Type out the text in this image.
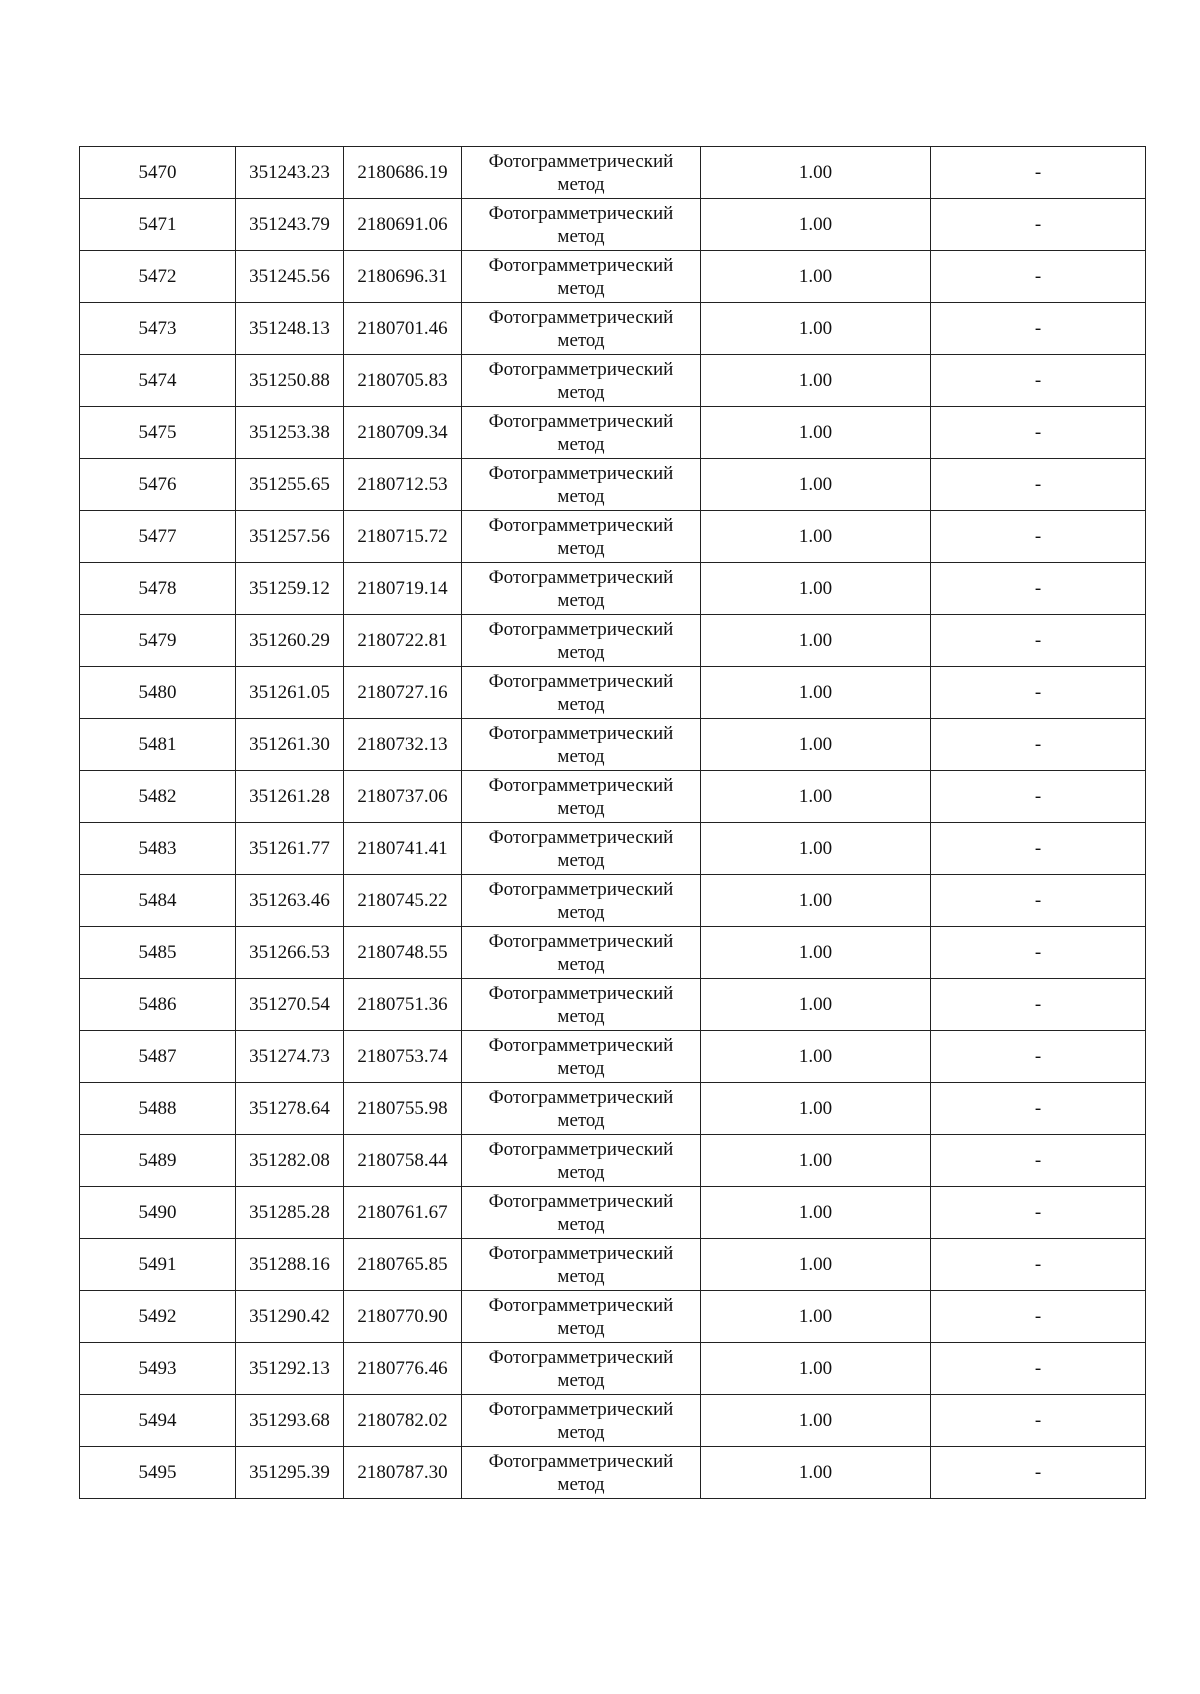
5470	351243.23	2180686.19	Фотограмметрический
метод	1.00	-
5471	351243.79	2180691.06	Фотограмметрический
метод	1.00	-
5472	351245.56	2180696.31	Фотограмметрический
метод	1.00	-
5473	351248.13	2180701.46	Фотограмметрический
метод	1.00	-
5474	351250.88	2180705.83	Фотограмметрический
метод	1.00	-
5475	351253.38	2180709.34	Фотограмметрический
метод	1.00	-
5476	351255.65	2180712.53	Фотограмметрический
метод	1.00	-
5477	351257.56	2180715.72	Фотограмметрический
метод	1.00	-
5478	351259.12	2180719.14	Фотограмметрический
метод	1.00	-
5479	351260.29	2180722.81	Фотограмметрический
метод	1.00	-
5480	351261.05	2180727.16	Фотограмметрический
метод	1.00	-
5481	351261.30	2180732.13	Фотограмметрический
метод	1.00	-
5482	351261.28	2180737.06	Фотограмметрический
метод	1.00	-
5483	351261.77	2180741.41	Фотограмметрический
метод	1.00	-
5484	351263.46	2180745.22	Фотограмметрический
метод	1.00	-
5485	351266.53	2180748.55	Фотограмметрический
метод	1.00	-
5486	351270.54	2180751.36	Фотограмметрический
метод	1.00	-
5487	351274.73	2180753.74	Фотограмметрический
метод	1.00	-
5488	351278.64	2180755.98	Фотограмметрический
метод	1.00	-
5489	351282.08	2180758.44	Фотограмметрический
метод	1.00	-
5490	351285.28	2180761.67	Фотограмметрический
метод	1.00	-
5491	351288.16	2180765.85	Фотограмметрический
метод	1.00	-
5492	351290.42	2180770.90	Фотограмметрический
метод	1.00	-
5493	351292.13	2180776.46	Фотограмметрический
метод	1.00	-
5494	351293.68	2180782.02	Фотограмметрический
метод	1.00	-
5495	351295.39	2180787.30	Фотограмметрический
метод	1.00	-
